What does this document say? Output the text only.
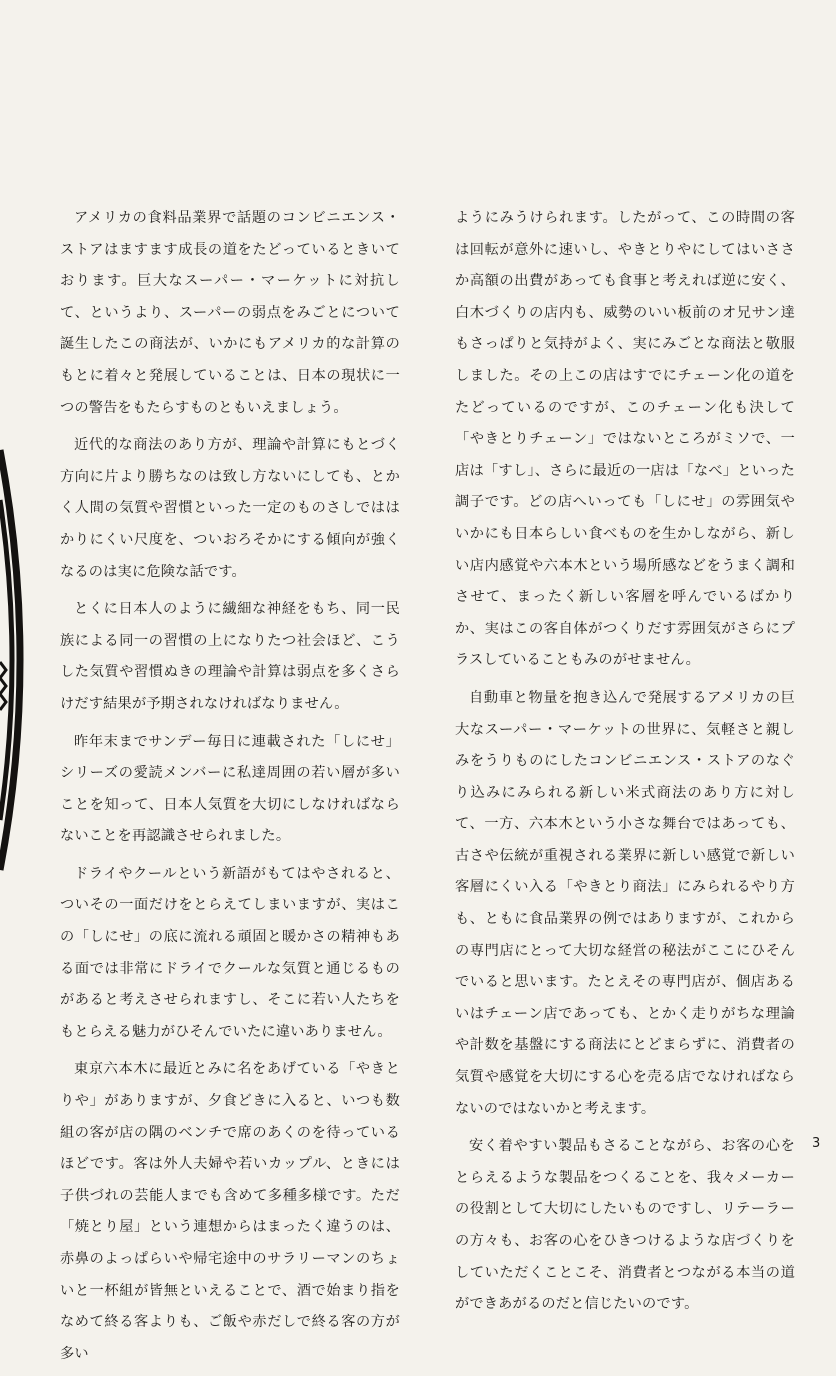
アメリカの食料品業界で話題のコンビニエンス・ストアはますます成長の道をたどっているときいております。巨大なスーパー・マーケットに対抗して、というより、スーパーの弱点をみごとについて誕生したこの商法が、いかにもアメリカ的な計算のもとに着々と発展していることは、日本の現状に一つの警告をもたらすものともいえましょう。

近代的な商法のあり方が、理論や計算にもとづく方向に片より勝ちなのは致し方ないにしても、とかく人間の気質や習慣といった一定のものさしではは かりにくい尺度を、ついおろそかにする傾向が強くなるのは実に危険な話です。

とくに日本人のように繊細な神経をもち、同一民族による同一の習慣の上になりたつ社会ほど、こうした気質や習慣ぬきの理論や計算は弱点を多くさらけだす結果が予期されなければなりません。

昨年末までサンデー毎日に連載された「しにせ」シリーズの愛読メンバーに私達周囲の若い層が多いことを知って、日本人気質を大切にしなければならないことを再認識させられました。

ドライやクールという新語がもてはやされると、ついその一面だけをとらえてしまいますが、実はこの「しにせ」の底に流れる頑固と暖かさの精神もある面では非常にドライでクールな気質と通じるものがあると考えさせられますし、そこに若い人たちをもとらえる魅力がひそんでいたに違いありません。

東京六本木に最近とみに名をあげている「やきとりや」がありますが、夕食どきに入ると、いつも数組の客が店の隅のベンチで席のあくのを待っているほどです。客は外人夫婦や若いカップル、ときには子供づれの芸能人までも含めて多種多様です。ただ「焼とり屋」という連想からはまったく違うのは、赤鼻のよっぱらいや帰宅途中のサラリーマンのちょいと一杯組が皆無といえることで、酒で始まり指をなめて終る客よりも、ご飯や赤だしで終る客の方が多い

ようにみうけられます。したがって、この時間の客は回転が意外に速いし、やきとりやにしてはいささか高額の出費があっても食事と考えれば逆に安く、白木づくりの店内も、威勢のいい板前のオ兄サン達もさっぱりと気持がよく、実にみごとな商法と敬服しました。その上この店はすでにチェーン化の道をたどっているのですが、このチェーン化も決して「やきとりチェーン」ではないところがミソで、一店は「すし」、さらに最近の一店は「なべ」といった調子です。どの店へいっても「しにせ」の雰囲気やいかにも日本らしい食べものを生かしながら、新しい店内感覚や六本木という場所感などをうまく調和させて、まったく新しい客層を呼んでいるばかりか、実はこの客自体がつくりだす雰囲気がさらにプラスしていることもみのがせません。

自動車と物量を抱き込んで発展するアメリカの巨大なスーパー・マーケットの世界に、気軽さと親しみをうりものにしたコンビニエンス・ストアのなぐり込みにみられる新しい米式商法のあり方に対して、一方、六本木という小さな舞台ではあっても、古さや伝統が重視される業界に新しい感覚で新しい客層にくい入る「やきとり商法」にみられるやり方も、ともに食品業界の例ではありますが、これからの専門店にとって大切な経営の秘法がここにひそんでいると思います。たとえその専門店が、個店あるいはチェーン店であっても、とかく走りがちな理論や計数を基盤にする商法にとどまらずに、消費者の気質や感覚を大切にする心を売る店でなければならないのではないかと考えます。

安く着やすい製品もさることながら、お客の心をとらえるような製品をつくることを、我々メーカーの役割として大切にしたいものですし、リテーラーの方々も、お客の心をひきつけるような店づくりをしていただくことこそ、消費者とつながる本当の道ができあがるのだと信じたいのです。

3
